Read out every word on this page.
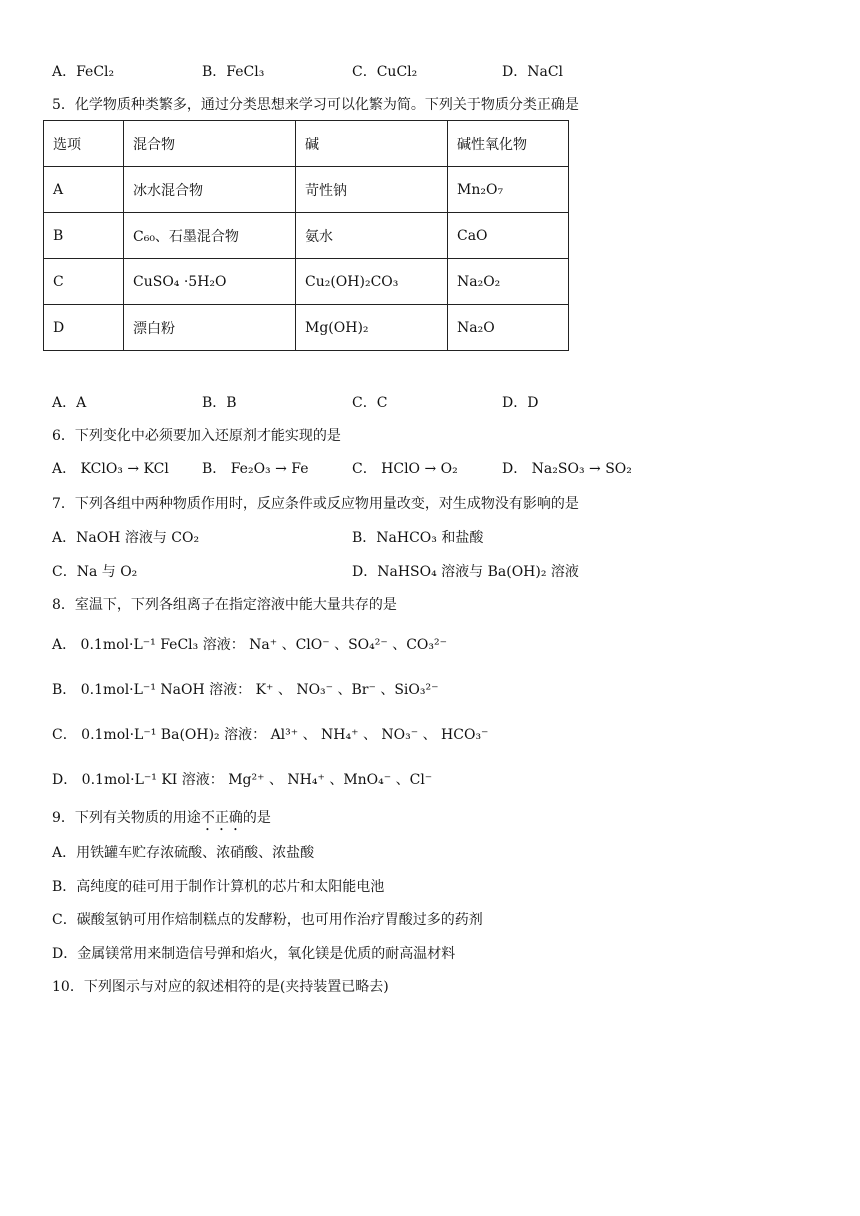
A．FeCl₂	B．FeCl₃	C．CuCl₂	D．NaCl
5．化学物质种类繁多，通过分类思想来学习可以化繁为简。下列关于物质分类正确是
选项	混合物	碱	碱性氧化物
A	冰水混合物	苛性钠	Mn₂O₇
B	C₆₀、石墨混合物	氨水	CaO
C	CuSO₄ ·5H₂O	Cu₂(OH)₂CO₃	Na₂O₂
D	漂白粉	Mg(OH)₂	Na₂O
A．A	B．B	C．C	D．D
6．下列变化中必须要加入还原剂才能实现的是
A． KClO₃ → KCl B． Fe₂O₃ → Fe	C． HClO → O₂	D． Na₂SO₃ → SO₂
7．下列各组中两种物质作用时，反应条件或反应物用量改变，对生成物没有影响的是
A．NaOH 溶液与 CO₂	B．NaHCO₃ 和盐酸
C．Na 与 O₂	D．NaHSO₄ 溶液与 Ba(OH)₂ 溶液
8．室温下，下列各组离子在指定溶液中能大量共存的是
A． 0.1mol·L⁻¹ FeCl₃ 溶液： Na⁺ 、ClO⁻ 、SO₄²⁻ 、CO₃²⁻
B． 0.1mol·L⁻¹ NaOH 溶液： K⁺ 、 NO₃⁻ 、Br⁻ 、SiO₃²⁻
C． 0.1mol·L⁻¹ Ba(OH)₂ 溶液： Al³⁺ 、 NH₄⁺ 、 NO₃⁻ 、 HCO₃⁻
D． 0.1mol·L⁻¹ KI 溶液： Mg²⁺ 、 NH₄⁺ 、MnO₄⁻ 、Cl⁻
9．下列有关物质的用途不正确的是
A．用铁罐车贮存浓硫酸、浓硝酸、浓盐酸
B．高纯度的硅可用于制作计算机的芯片和太阳能电池
C．碳酸氢钠可用作焙制糕点的发酵粉，也可用作治疗胃酸过多的药剂
D．金属镁常用来制造信号弹和焰火，氧化镁是优质的耐高温材料
10．下列图示与对应的叙述相符的是(夹持装置已略去)
